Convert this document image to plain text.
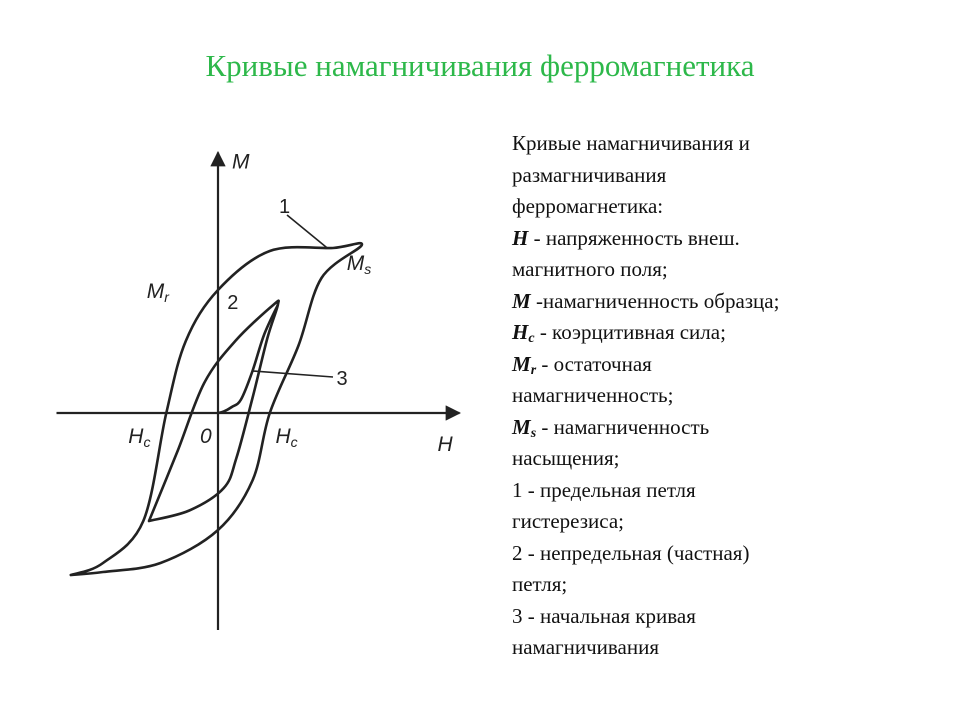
Кривые намагничивания ферромагнетика
M
H
0
Hc	Hc
Mr
Ms
1
2
3
Кривые намагничивания и
размагничивания
ферромагнетика:
H - напряженность внеш.
магнитного поля;
M -намагниченность образца;
$H_c$ - коэрцитивная сила;
$M_r$ - остаточная
намагниченность;
$M_s$ - намагниченность
насыщения;
1 - предельная петля
гистерезиса;
2 - непредельная (частная)
петля;
3 - начальная кривая
намагничивания
